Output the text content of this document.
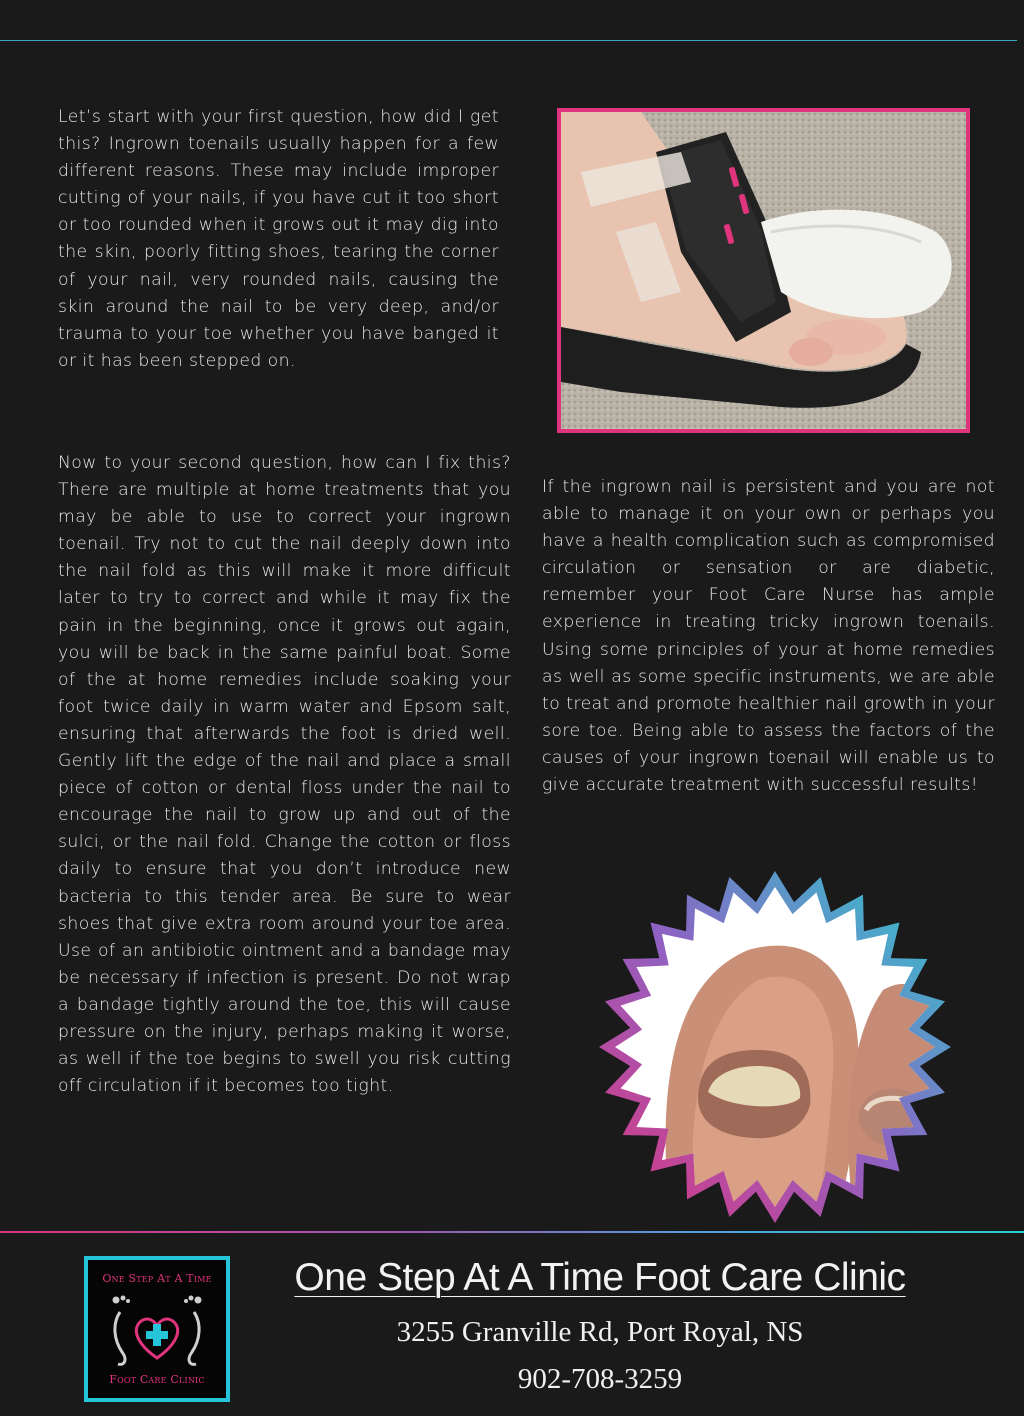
Let’s start with your first question, how did I get this? Ingrown toenails usually happen for a few different reasons. These may include improper cutting of your nails, if you have cut it too short or too rounded when it grows out it may dig into the skin, poorly fitting shoes, tearing the corner of your nail, very rounded nails, causing the skin around the nail to be very deep, and/or trauma to your toe whether you have banged it or it has been stepped on.

Now to your second question, how can I fix this? There are multiple at home treatments that you may be able to use to correct your ingrown toenail. Try not to cut the nail deeply down into the nail fold as this will make it more difficult later to try to correct and while it may fix the pain in the beginning, once it grows out again, you will be back in the same painful boat. Some of the at home remedies include soaking your foot twice daily in warm water and Epsom salt, ensuring that afterwards the foot is dried well. Gently lift the edge of the nail and place a small piece of cotton or dental floss under the nail to encourage the nail to grow up and out of the sulci, or the nail fold. Change the cotton or floss daily to ensure that you don’t introduce new bacteria to this tender area. Be sure to wear shoes that give extra room around your toe area. Use of an antibiotic ointment and a bandage may be necessary if infection is present. Do not wrap a bandage tightly around the toe, this will cause pressure on the injury, perhaps making it worse, as well if the toe begins to swell you risk cutting off circulation if it becomes too tight.

If the ingrown nail is persistent and you are not able to manage it on your own or perhaps you have a health complication such as compromised circulation or sensation or are diabetic, remember your Foot Care Nurse has ample experience in treating tricky ingrown toenails. Using some principles of your at home remedies as well as some specific instruments, we are able to treat and promote healthier nail growth in your sore toe. Being able to assess the factors of the causes of your ingrown toenail will enable us to give accurate treatment with successful results!

One Step At A Time
Foot Care Clinic
One Step At A Time Foot Care Clinic
3255 Granville Rd, Port Royal, NS
902-708-3259
